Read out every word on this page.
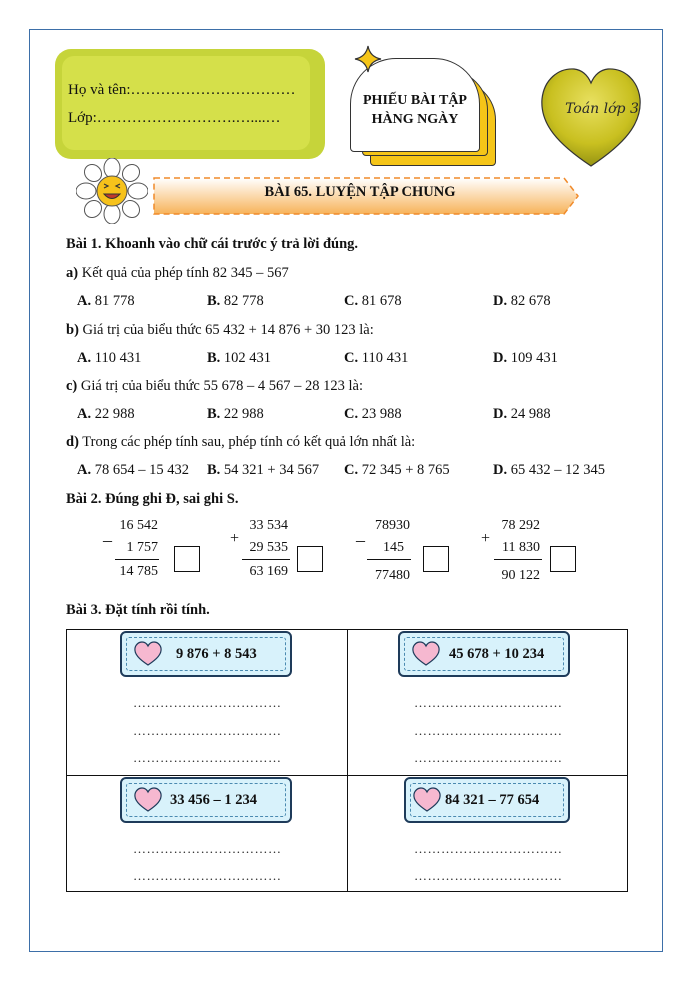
Họ và tên:……………………………
Lớp:……………………….…....…
PHIẾU BÀI TẬP
HÀNG NGÀY
Toán lớp 3
BÀI 65. LUYỆN TẬP CHUNG
Bài 1. Khoanh vào chữ cái trước ý trả lời đúng.
a) Kết quả của phép tính 82 345 – 567
A. 81 778	B. 82 778	C. 81 678	D. 82 678
b) Giá trị của biểu thức 65 432 + 14 876 + 30 123 là:
A. 110 431	B. 102 431	C. 110 431	D. 109 431
c) Giá trị của biểu thức 55 678 – 4 567 – 28 123 là:
A. 22 988	B. 22 988	C. 23 988	D. 24 988
d) Trong các phép tính sau, phép tính có kết quả lớn nhất là:
A. 78 654 – 15 432 B. 54 321 + 34 567 C. 72 345 + 8 765	D. 65 432 – 12 345
Bài 2. Đúng ghi Đ, sai ghi S.
–
16 542
1 757
14 785
+
33 534
29 535
63 169
–
78930
145
77480
+
78 292
11 830
90 122
Bài 3. Đặt tính rồi tính.
9 876 + 8 543
……………………………
……………………………
……………………………
45 678 + 10 234
……………………………
……………………………
……………………………
33 456 – 1 234
……………………………
……………………………
84 321 – 77 654
……………………………
……………………………
